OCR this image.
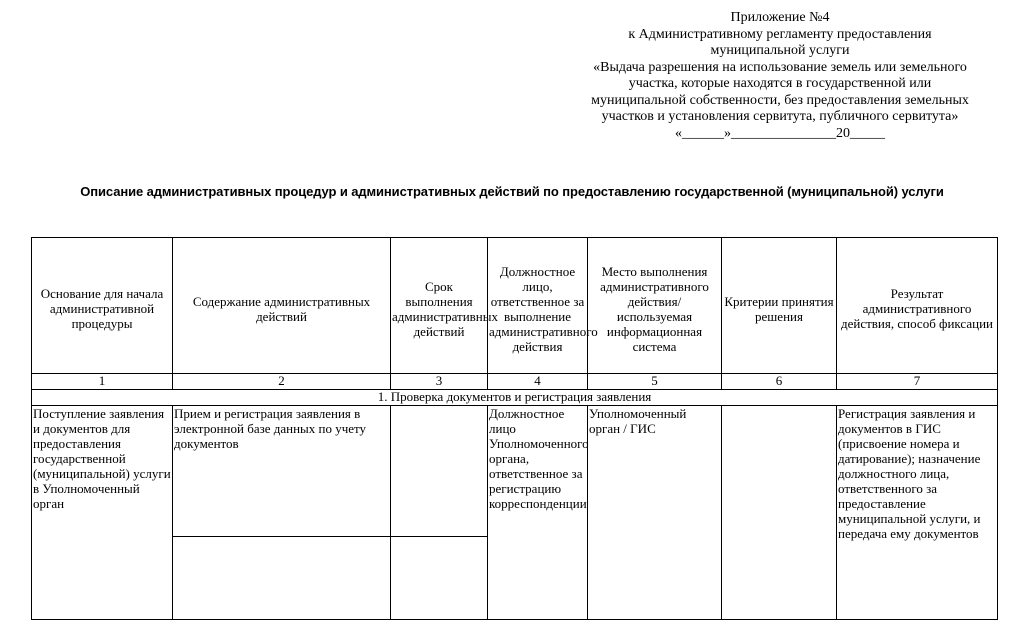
Приложение №4
к Административному регламенту предоставления
муниципальной услуги
«Выдача разрешения на использование земель или земельного
участка, которые находятся в государственной или
муниципальной собственности, без предоставления земельных
участков и установления сервитута, публичного сервитута»
«______»_______________20_____
Описание административных процедур и административных действий по предоставлению государственной (муниципальной) услуги
Основание для начала административной процедуры	Содержание административных действий	Срок выполнения административных действий	Должностное лицо, ответственное за выполнение административного действия	Место выполнения административного действия/ используемая информационная система	Критерии принятия решения	Результат административного действия, способ фиксации
1	2	3	4	5	6	7
1. Проверка документов и регистрация заявления						
Поступление заявления и документов для предоставления государственной (муниципальной) услуги в Уполномоченный орган	Прием и регистрация заявления в электронной базе данных по учету документов		Должностное лицо Уполномоченного органа, ответственное за регистрацию корреспонденции	Уполномоченный орган / ГИС		Регистрация заявления и документов в ГИС (присвоение номера и датирование); назначение должностного лица, ответственного за предоставление муниципальной услуги, и передача ему документов
